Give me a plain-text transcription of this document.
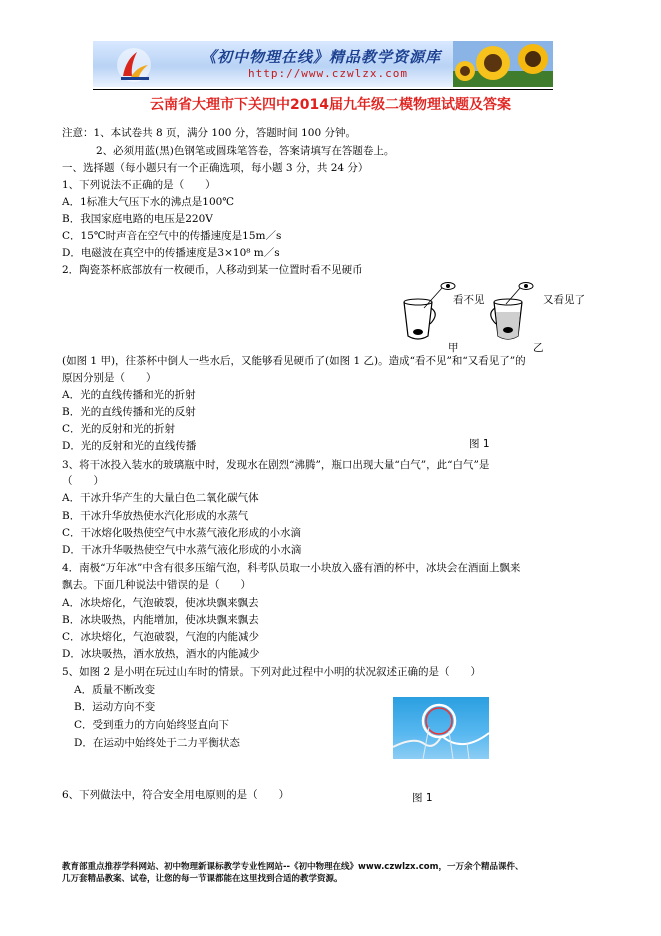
《初中物理在线》精品教学资源库
http://www.czwlzx.com
云南省大理市下关四中2014届九年级二模物理试题及答案
注意：1、本试卷共 8 页，满分 100 分，答题时间 100 分钟。
2、必须用蓝(黑)色钢笔或圆珠笔答卷，答案请填写在答题卷上。
一、选择题（每小题只有一个正确选项，每小题 3 分，共 24 分）
1、下列说法不正确的是（　　）
A．1标准大气压下水的沸点是100℃
B．我国家庭电路的电压是220V
C．15℃时声音在空气中的传播速度是15m／s
D．电磁波在真空中的传播速度是3×10⁸ m／s
2．陶瓷茶杯底部放有一枚硬币，人移动到某一位置时看不见硬币
看不见	又看见了
甲	乙
(如图 1 甲)，往茶杯中倒人一些水后，又能够看见硬币了(如图 1 乙)。造成“看不见”和“又看见了”的
原因分别是（　　）
A．光的直线传播和光的折射
B．光的直线传播和光的反射
C．光的反射和光的折射
D．光的反射和光的直线传播	图 1
3、将干冰投入装水的玻璃瓶中时，发现水在剧烈“沸腾”，瓶口出现大量“白气”，此“白气”是
（　　）
A．干冰升华产生的大量白色二氧化碳气体
B．干冰升华放热使水汽化形成的水蒸气
C．干冰熔化吸热使空气中水蒸气液化形成的小水滴
D．干冰升华吸热使空气中水蒸气液化形成的小水滴
4．南极“万年冰”中含有很多压缩气泡，科考队员取一小块放入盛有酒的杯中，冰块会在酒面上飘来
飘去。下面几种说法中错误的是（　　）
A．冰块熔化，气泡破裂，使冰块飘来飘去
B．冰块吸热，内能增加，使冰块飘来飘去
C．冰块熔化，气泡破裂，气泡的内能减少
D．冰块吸热，酒水放热，酒水的内能减少
5、如图 2 是小明在玩过山车时的情景。下列对此过程中小明的状况叙述正确的是（　　）
A．质量不断改变
B．运动方向不变
C．受到重力的方向始终竖直向下
D．在运动中始终处于二力平衡状态
图 1
6、下列做法中，符合安全用电原则的是（　　）
教育部重点推荐学科网站、初中物理新课标教学专业性网站--《初中物理在线》www.czwlzx.com，一万余个精品课件、
几万套精品教案、试卷，让您的每一节课都能在这里找到合适的教学资源。
